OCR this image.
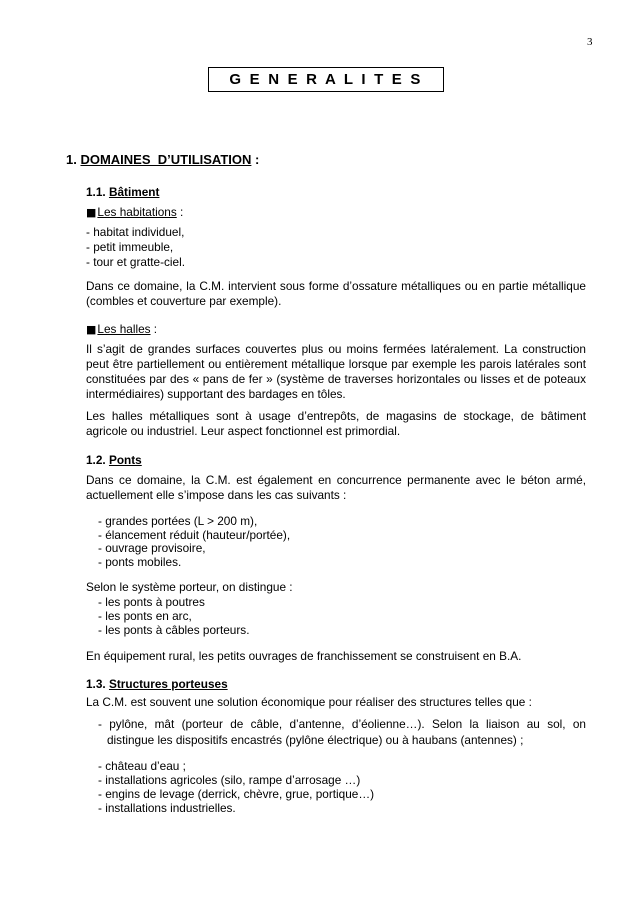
3
G E N E R A L I T E S
1. DOMAINES  D’UTILISATION :
1.1. Bâtiment
■Les habitations :
- habitat individuel,
- petit immeuble,
- tour et gratte-ciel.
Dans ce domaine, la C.M. intervient sous forme d’ossature métalliques ou en partie métallique
(combles et couverture par exemple).
■Les halles :
Il s’agit de grandes surfaces couvertes plus ou moins fermées latéralement. La construction
peut être partiellement ou entièrement métallique lorsque par exemple les parois latérales sont
constituées par des « pans de fer » (système de traverses horizontales ou lisses et de poteaux
intermédiaires) supportant des bardages en tôles.
Les halles métalliques sont à usage d’entrepôts, de magasins de stockage, de bâtiment
agricole ou industriel. Leur aspect fonctionnel est primordial.
1.2. Ponts
Dans ce domaine, la C.M. est également en concurrence permanente avec le béton armé,
actuellement elle s’impose dans les cas suivants :
- grandes portées (L > 200 m),
- élancement réduit (hauteur/portée),
- ouvrage provisoire,
- ponts mobiles.
Selon le système porteur, on distingue :
- les ponts à poutres
- les ponts en arc,
- les ponts à câbles porteurs.
En équipement rural, les petits ouvrages de franchissement se construisent en B.A.
1.3. Structures porteuses
La C.M. est souvent une solution économique pour réaliser des structures telles que :
- pylône, mât (porteur de câble, d’antenne, d’éolienne…). Selon la liaison au sol, on
distingue les dispositifs encastrés (pylône électrique) ou à haubans (antennes) ;
- château d’eau ;
- installations agricoles (silo, rampe d’arrosage …)
- engins de levage (derrick, chèvre, grue, portique…)
- installations industrielles.
